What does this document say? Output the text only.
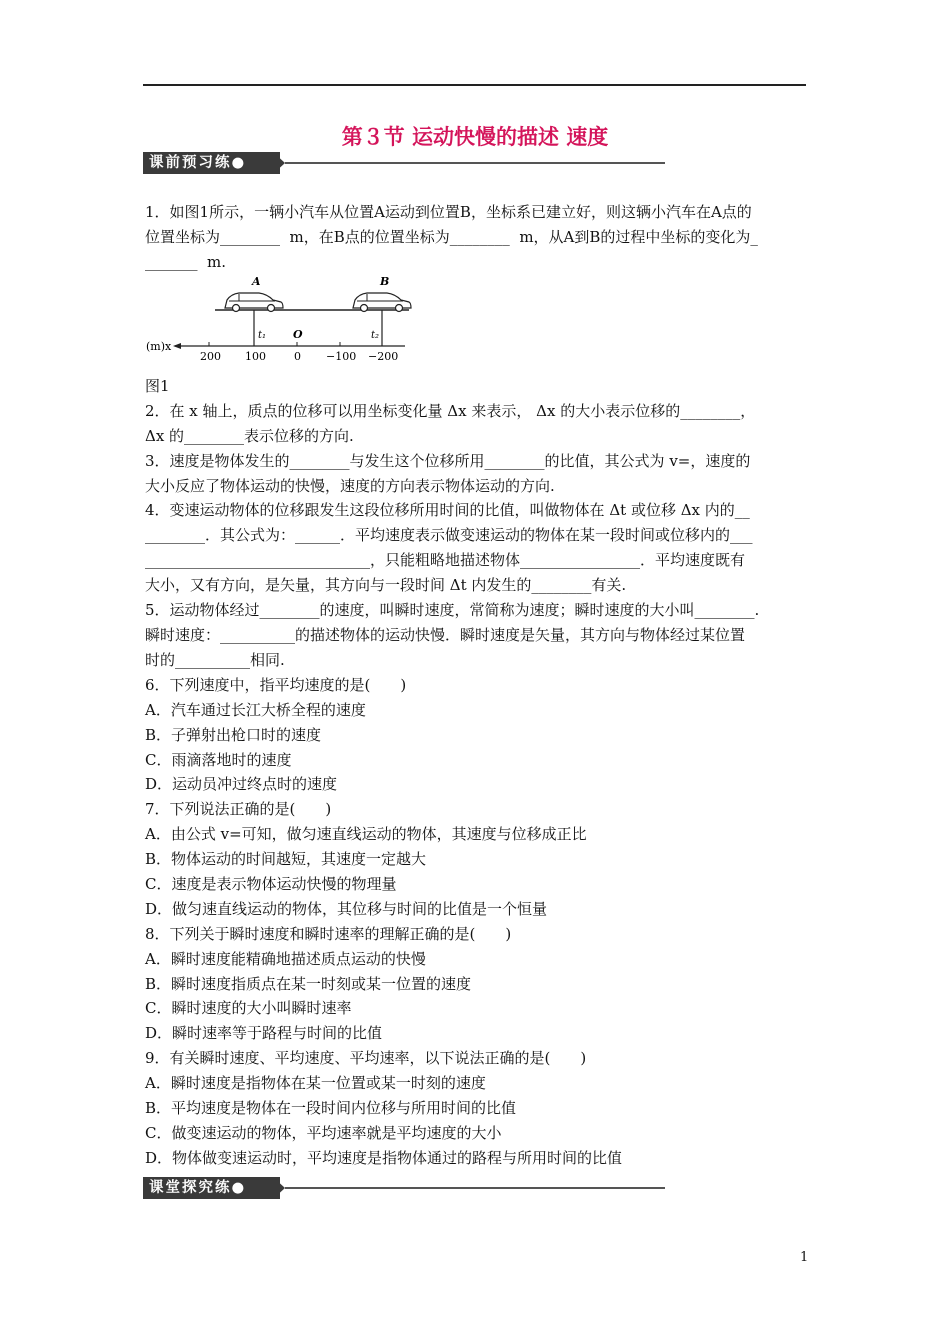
第３节 运动快慢的描述 速度
课前预习练●
1．如图1所示，一辆小汽车从位置A运动到位置B，坐标系已建立好，则这辆小汽车在A点的
位置坐标为________  m，在B点的位置坐标为________  m，从A到B的过程中坐标的变化为_
_______  m.
A	B
t₁	t₂
O
(m)x
200 100	0 −100 −200
图1
2．在 x 轴上，质点的位移可以用坐标变化量 Δx 来表示， Δx 的大小表示位移的________，
Δx 的________表示位移的方向.
3．速度是物体发生的________与发生这个位移所用________的比值，其公式为 v=，速度的
大小反应了物体运动的快慢，速度的方向表示物体运动的方向.
4．变速运动物体的位移跟发生这段位移所用时间的比值，叫做物体在 Δt 或位移 Δx 内的__
________．其公式为：______．平均速度表示做变速运动的物体在某一段时间或位移内的___
______________________________，只能粗略地描述物体________________．平均速度既有
大小，又有方向，是矢量，其方向与一段时间 Δt 内发生的________有关.
5．运动物体经过________的速度，叫瞬时速度，常简称为速度；瞬时速度的大小叫________.
瞬时速度：__________的描述物体的运动快慢．瞬时速度是矢量，其方向与物体经过某位置
时的__________相同.
6．下列速度中，指平均速度的是(　　)
A．汽车通过长江大桥全程的速度
B．子弹射出枪口时的速度
C．雨滴落地时的速度
D．运动员冲过终点时的速度
7．下列说法正确的是(　　)
A．由公式 v=可知，做匀速直线运动的物体，其速度与位移成正比
B．物体运动的时间越短，其速度一定越大
C．速度是表示物体运动快慢的物理量
D．做匀速直线运动的物体，其位移与时间的比值是一个恒量
8．下列关于瞬时速度和瞬时速率的理解正确的是(　　)
A．瞬时速度能精确地描述质点运动的快慢
B．瞬时速度指质点在某一时刻或某一位置的速度
C．瞬时速度的大小叫瞬时速率
D．瞬时速率等于路程与时间的比值
9．有关瞬时速度、平均速度、平均速率，以下说法正确的是(　　)
A．瞬时速度是指物体在某一位置或某一时刻的速度
B．平均速度是物体在一段时间内位移与所用时间的比值
C．做变速运动的物体，平均速率就是平均速度的大小
D．物体做变速运动时，平均速度是指物体通过的路程与所用时间的比值
课堂探究练●
1
